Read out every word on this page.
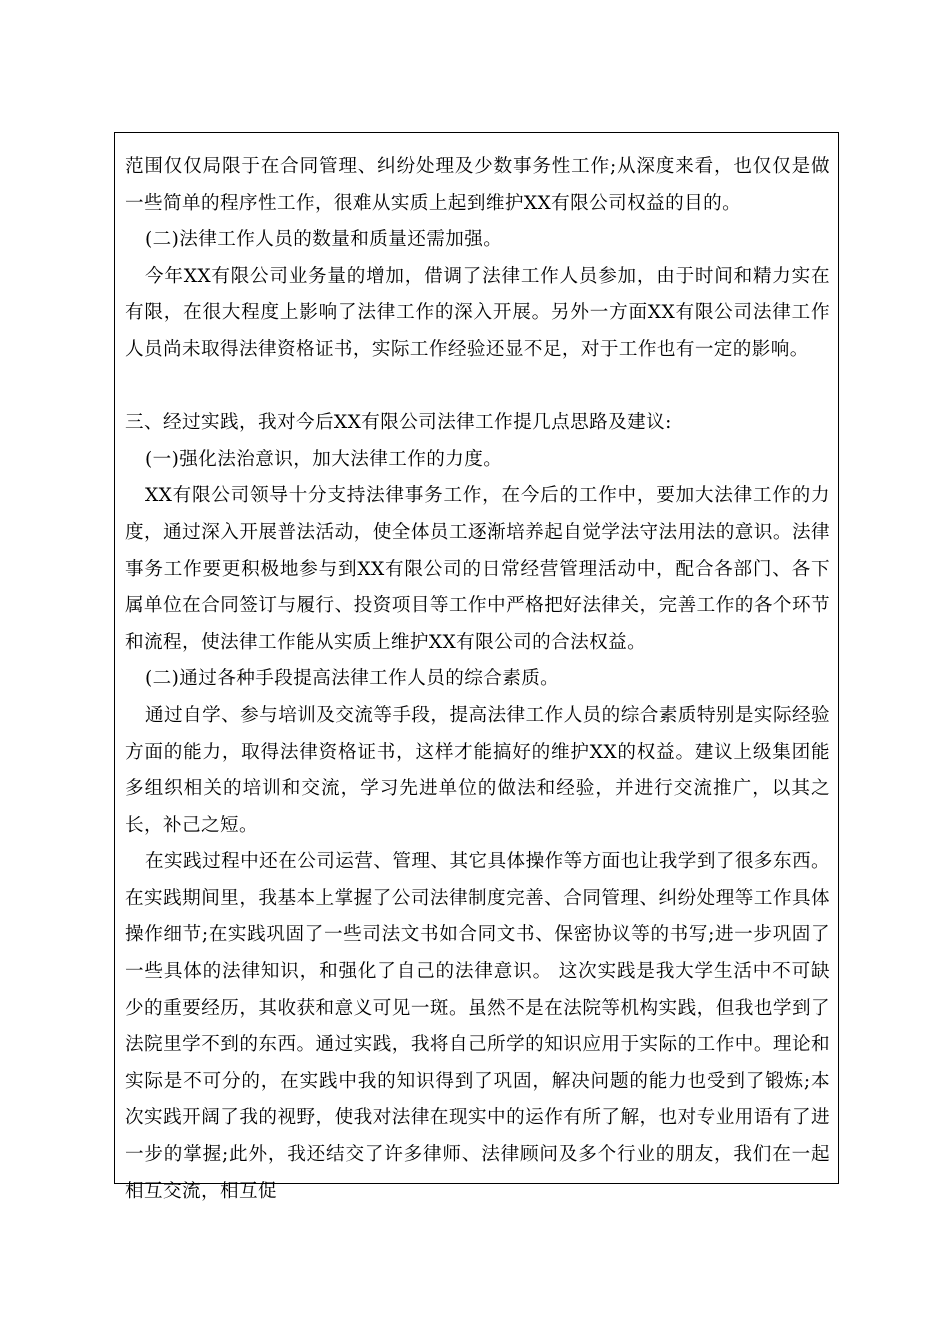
范围仅仅局限于在合同管理、纠纷处理及少数事务性工作;从深度来看，也仅仅是做一些简单的程序性工作，很难从实质上起到维护XX有限公司权益的目的。

(二)法律工作人员的数量和质量还需加强。

今年XX有限公司业务量的增加，借调了法律工作人员参加，由于时间和精力实在有限，在很大程度上影响了法律工作的深入开展。另外一方面XX有限公司法律工作人员尚未取得法律资格证书，实际工作经验还显不足，对于工作也有一定的影响。

三、经过实践，我对今后XX有限公司法律工作提几点思路及建议:

(一)强化法治意识，加大法律工作的力度。

XX有限公司领导十分支持法律事务工作，在今后的工作中，要加大法律工作的力度，通过深入开展普法活动，使全体员工逐渐培养起自觉学法守法用法的意识。法律事务工作要更积极地参与到XX有限公司的日常经营管理活动中，配合各部门、各下属单位在合同签订与履行、投资项目等工作中严格把好法律关，完善工作的各个环节和流程，使法律工作能从实质上维护XX有限公司的合法权益。

(二)通过各种手段提高法律工作人员的综合素质。

通过自学、参与培训及交流等手段，提高法律工作人员的综合素质特别是实际经验方面的能力，取得法律资格证书，这样才能搞好的维护XX的权益。建议上级集团能多组织相关的培训和交流，学习先进单位的做法和经验，并进行交流推广，以其之长，补己之短。

在实践过程中还在公司运营、管理、其它具体操作等方面也让我学到了很多东西。在实践期间里，我基本上掌握了公司法律制度完善、合同管理、纠纷处理等工作具体操作细节;在实践巩固了一些司法文书如合同文书、保密协议等的书写;进一步巩固了一些具体的法律知识，和强化了自己的法律意识。 这次实践是我大学生活中不可缺少的重要经历，其收获和意义可见一斑。虽然不是在法院等机构实践，但我也学到了法院里学不到的东西。通过实践，我将自己所学的知识应用于实际的工作中。理论和实际是不可分的，在实践中我的知识得到了巩固，解决问题的能力也受到了锻炼;本次实践开阔了我的视野，使我对法律在现实中的运作有所了解，也对专业用语有了进一步的掌握;此外，我还结交了许多律师、法律顾问及多个行业的朋友，我们在一起相互交流，相互促
